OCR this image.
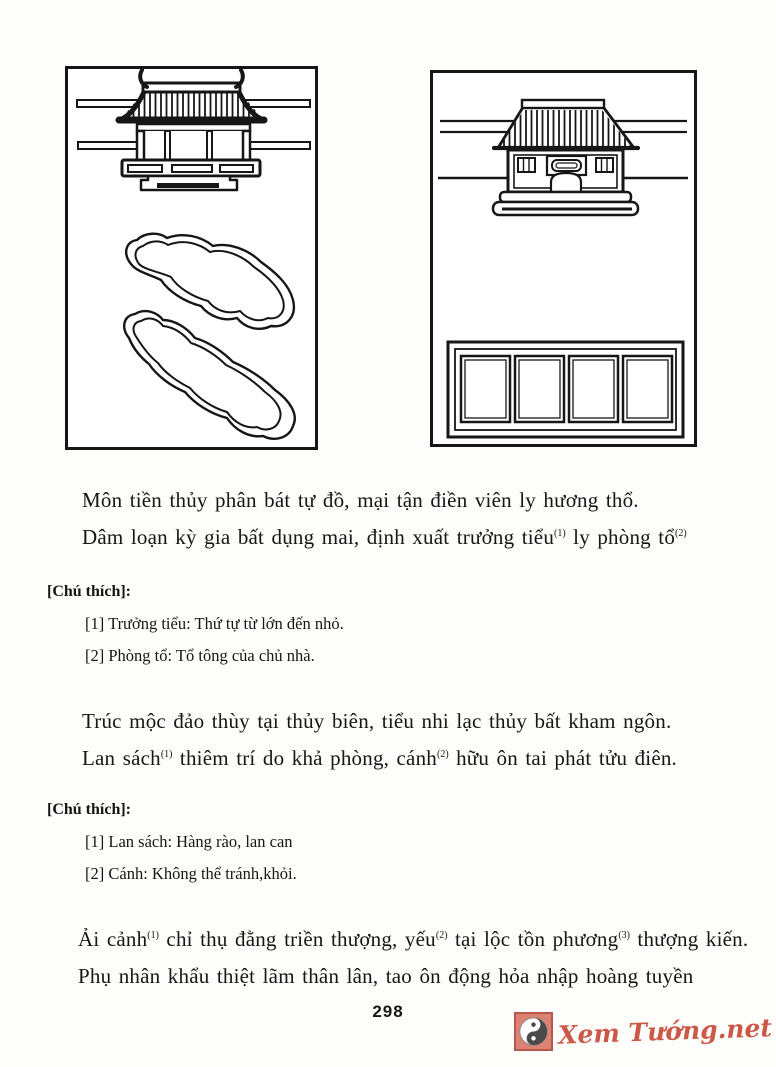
Môn tiền thủy phân bát tự đồ, mại tận điền viên ly hương thổ.

Dâm loạn kỳ gia bất dụng mai, định xuất trưởng tiểu$^{(1)}$ ly phòng tổ$^{(2)}$

[Chú thích]:

[1] Trưởng tiểu: Thứ tự từ lớn đến nhỏ.

[2] Phòng tổ: Tổ tông của chủ nhà.

Trúc mộc đảo thùy tại thủy biên, tiểu nhi lạc thủy bất kham ngôn.

Lan sách$^{(1)}$ thiêm trí do khả phòng, cánh$^{(2)}$ hữu ôn tai phát tửu điên.

[Chú thích]:

[1] Lan sách: Hàng rào, lan can

[2] Cánh: Không thể tránh,khỏi.

Ải cảnh$^{(1)}$ chỉ thụ đằng triền thượng, yếu$^{(2)}$ tại lộc tồn phương$^{(3)}$ thượng kiến.

Phụ nhân khẩu thiệt lãm thân lân, tao ôn động hỏa nhập hoàng tuyền

298
Xem Tướng.net
